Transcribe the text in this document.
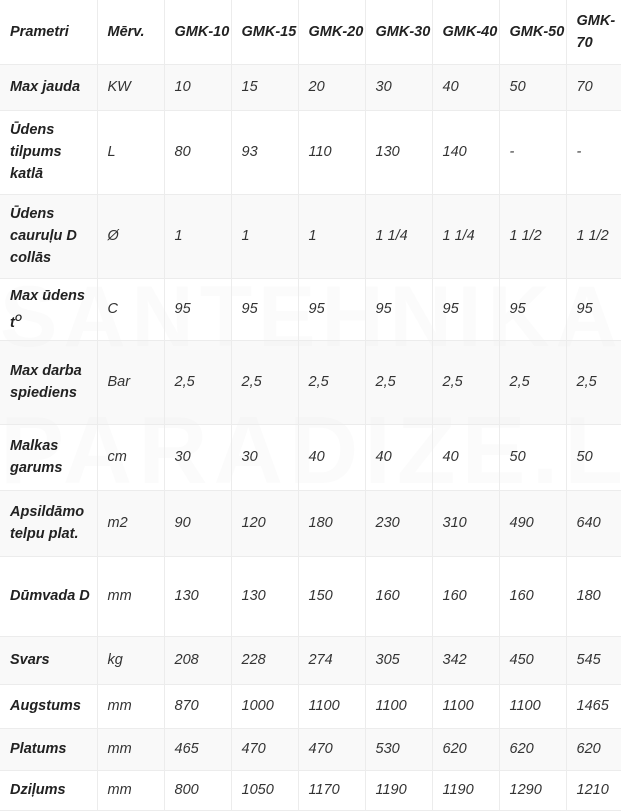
Prametri	Mērv.	GMK-10	GMK-15	GMK-20	GMK-30	GMK-40	GMK-50	GMK-70
Max jauda	KW	10	15	20	30	40	50	70
Ūdens tilpums katlā	L	80	93	110	130	140	-	-
Ūdens cauruļu D collās	Ø	1	1	1	1 1/4	1 1/4	1 1/2	1 1/2
Max ūdens $t^O$	C	95	95	95	95	95	95	95
Max darba spiediens	Bar	2,5	2,5	2,5	2,5	2,5	2,5	2,5
Malkas garums	cm	30	30	40	40	40	50	50
Apsildāmo telpu plat.	m2	90	120	180	230	310	490	640
Dūmvada D	mm	130	130	150	160	160	160	180
Svars	kg	208	228	274	305	342	450	545
Augstums	mm	870	1000	1100	1100	1100	1100	1465
Platums	mm	465	470	470	530	620	620	620
Dziļums	mm	800	1050	1170	1190	1190	1290	1210
